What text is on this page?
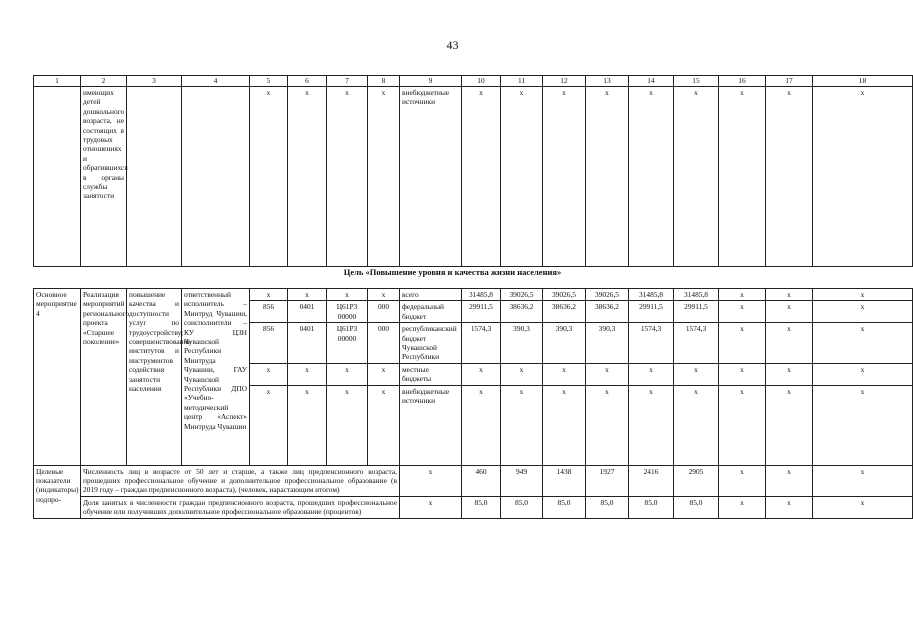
43
1	2	3	4	5	6	7	8	9	10	11	12	13	14	15	16	17	18
	имеющих детей дошкольного возраста, не состоящих в трудовых отношениях и обратившихся в органы службы занятости			х	х	х	х	внебюджетные источники	х	х	х	х	х	х	х	х	х
Цель «Повышение уровня и качества жизни населения»
Основное мероприятие 4	Реализация мероприятий регионального проекта «Старшее поколение»	повышение качества и доступности услуг по трудоустройству; совершенствование институтов и инструментов содействия занятости населения	ответственный исполнитель – Минтруд Чувашии, соисполнители – КУ ЦЗН Чувашской Республики Минтруда Чувашии, ГАУ Чувашской Республики ДПО «Учебно-методический центр «Аспект» Минтруда Чувашии	х	х	х	х	всего	31485,8	39026,5	39026,5	39026,5	31485,8	31485,8	х	х	х
				856	0401	Ц61Р3 00000	000	федеральный бюджет	29911,5	38636,2	38636,2	38636,2	29911,5	29911,5	х	х	х
				856	0401	Ц61Р3 00000	000	республиканский бюджет Чувашской Республики	1574,3	390,3	390,3	390,3	1574,3	1574,3	х	х	х
				х	х	х	х	местные бюджеты	х	х	х	х	х	х	х	х	х
				х	х	х	х	внебюджетные источники	х	х	х	х	х	х	х	х	х
Целевые показатели (индикаторы) подпро-	Численность лиц в возрасте от 50 лет и старше, а также лиц предпенсионного возраста, прошедших профессиональное обучение и дополнительное профессиональное образование (в 2019 году – граждан предпенсионного возраста), (человек, нарастающим итогом)							х	460	949	1438	1927	2416	2905	х	х	х
	Доля занятых в численности граждан предпенсионного возраста, прошедших профессиональное обучение или получивших дополнительное профессиональное образование (процентов)							х	85,0	85,0	85,0	85,0	85,0	85,0	х	х	х
